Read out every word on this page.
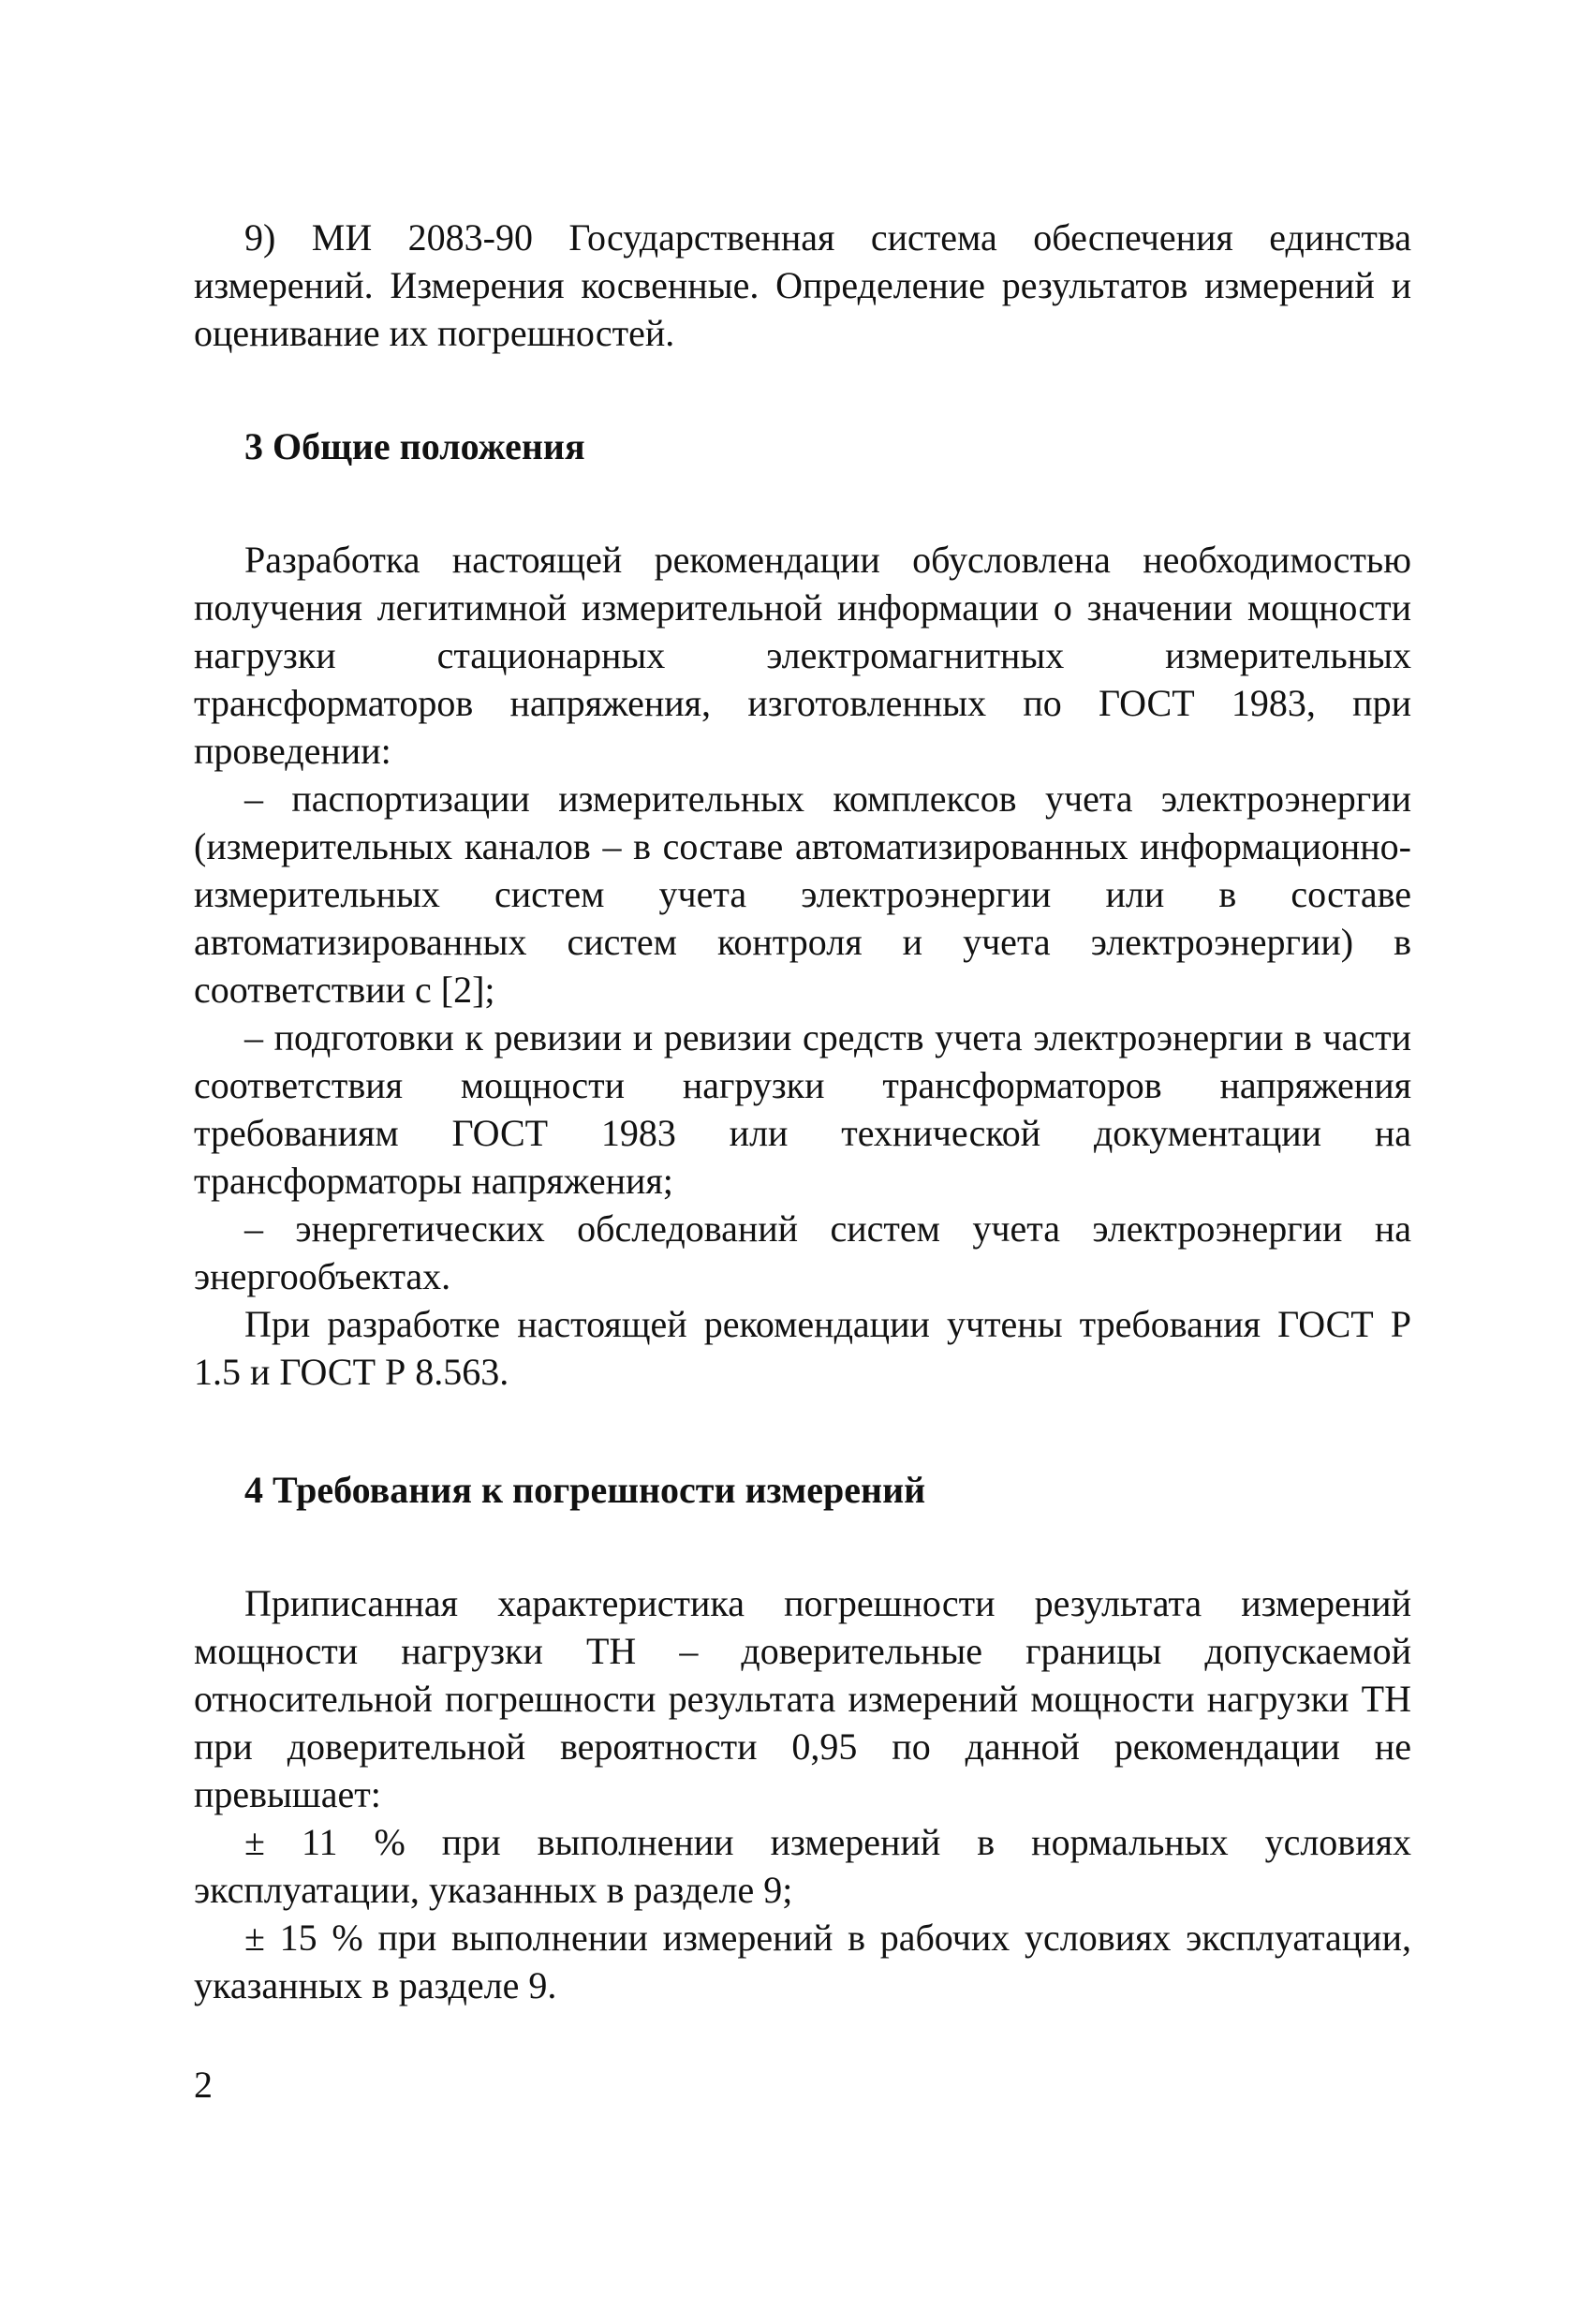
9) МИ 2083-90 Государственная система обеспечения единства измерений. Измерения косвенные. Определение результатов измерений и оценивание их погрешностей.

3 Общие положения

Разработка настоящей рекомендации обусловлена необходимостью получения легитимной измерительной информации о значении мощности нагрузки стационарных электромагнитных измерительных трансформаторов напряжения, изготовленных по ГОСТ 1983, при проведении:

– паспортизации измерительных комплексов учета электроэнергии (измерительных каналов – в составе автоматизированных информационно-измерительных систем учета электроэнергии или в составе автоматизированных систем контроля и учета электроэнергии) в соответствии с [2];

– подготовки к ревизии и ревизии средств учета электроэнергии в части соответствия мощности нагрузки трансформаторов напряжения требованиям ГОСТ 1983 или технической документации на трансформаторы напряжения;

– энергетических обследований систем учета электроэнергии на энергообъектах.

При разработке настоящей рекомендации учтены требования ГОСТ Р 1.5 и ГОСТ Р 8.563.

4 Требования к погрешности измерений

Приписанная характеристика погрешности результата измерений мощности нагрузки ТН – доверительные границы допускаемой относительной погрешности результата измерений мощности нагрузки ТН при доверительной вероятности 0,95 по данной рекомендации не превышает:

± 11 % при выполнении измерений в нормальных условиях эксплуатации, указанных в разделе 9;

± 15 % при выполнении измерений в рабочих условиях эксплуатации, указанных в разделе 9.

2
